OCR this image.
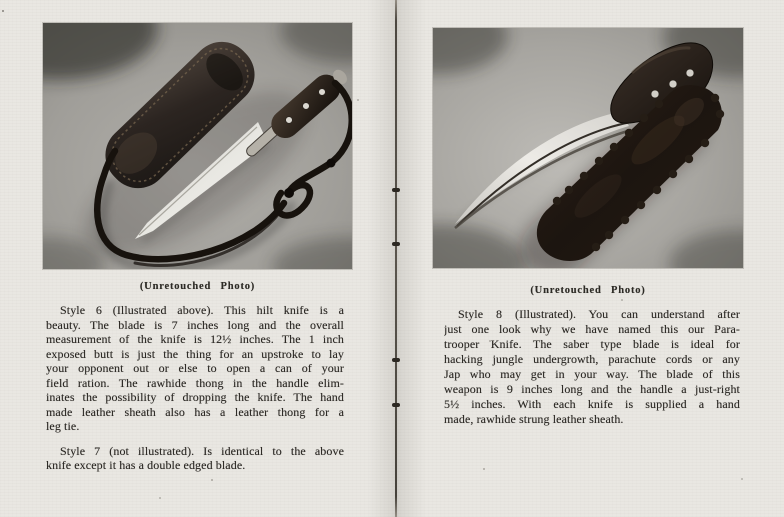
(Unretouched Photo)
Style 6 (Illustrated above). This hilt knife is a
beauty. The blade is 7 inches long and the overall
measurement of the knife is 12½ inches. The 1 inch
exposed butt is just the thing for an upstroke to lay
your opponent out or else to open a can of your
field ration. The rawhide thong in the handle elim-
inates the possibility of dropping the knife. The hand
made leather sheath also has a leather thong for a
leg tie.
Style 7 (not illustrated). Is identical to the above
knife except it has a double edged blade.
(Unretouched Photo)
Style 8 (Illustrated). You can understand after
just one look why we have named this our Para-
trooper Knife. The saber type blade is ideal for
hacking jungle undergrowth, parachute cords or any
Jap who may get in your way. The blade of this
weapon is 9 inches long and the handle a just-right
5½ inches. With each knife is supplied a hand
made, rawhide strung leather sheath.
